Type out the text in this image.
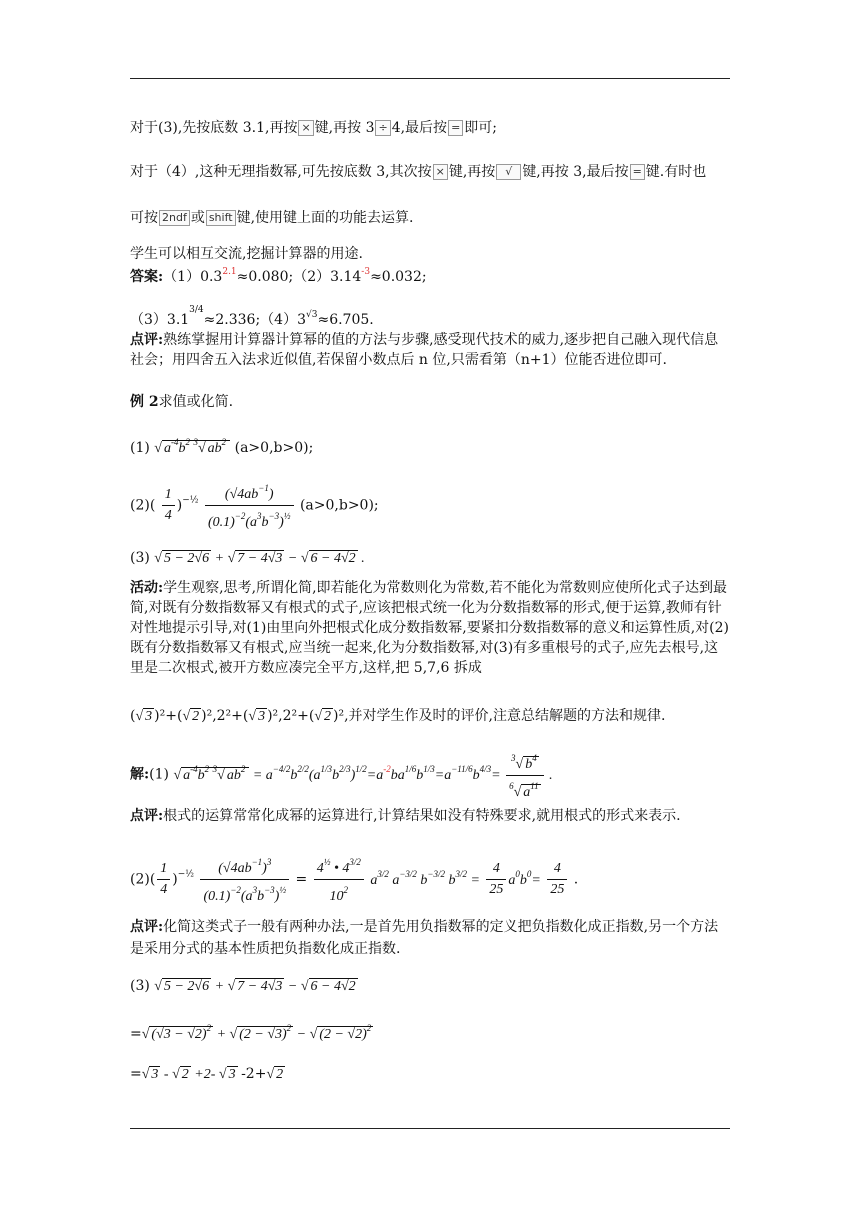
对于(3),先按底数 3.1,再按 × 键,再按 3 ÷ 4,最后按 = 即可;
对于（4）,这种无理指数幂,可先按底数 3,其次按 × 键,再按 √ 键,再按 3,最后按 = 键.有时也
可按 2ndf 或 shift 键,使用键上面的功能去运算.
学生可以相互交流,挖掘计算器的用途.
答案$:(1)0.3^{2.1}\approx 0.080;(2)3.14^{-3}\approx 0.032$;
$(3)3.1^{3/4}\approx 2.336;(4)3^{√3}\approx 6.705$.
点评:熟练掌握用计算器计算幂的值的方法与步骤,感受现代技术的威力,逐步把自己融入现代信息社会；用四舍五入法求近似值,若保留小数点后 n 位,只需看第（n+1）位能否进位即可.
例 2求值或化简.
(1) √ $a^{-4}b^2$ $^3$√ $ab^2$ (a>0,b>0);
$(2)( \frac{1}{4} )^{-\frac{1}{2}} \frac{(√4ab^{-1})}{(0.1)^{-2}(a^3b^{-3})^{\frac{1}{2}}} (a>0,b>0)$;
(3) √ 5 − 2√6 + √ 7 − 4√3 − √ 6 − 4√2 .
活动:学生观察,思考,所谓化简,即若能化为常数则化为常数,若不能化为常数则应使所化式子达到最简,对既有分数指数幂又有根式的式子,应该把根式统一化为分数指数幂的形式,便于运算,教师有针对性地提示引导,对(1)由里向外把根式化成分数指数幂,要紧扣分数指数幂的意义和运算性质,对(2)既有分数指数幂又有根式,应当统一起来,化为分数指数幂,对(3)有多重根号的式子,应先去根号,这里是二次根式,被开方数应凑完全平方,这样,把 5,7,6 拆成
(√ 3 )²+(√ 2 )²,2²+(√ 3 )²,2²+(√ 2 )²,并对学生作及时的评价,注意总结解题的方法和规律.
解:(1) √ $a^{-4}b^2$ $^3$√ $ab^2 = a^{-4/2}b^{2/2}(a^{1/3}b^{2/3})^{1/2}=a^{-2}ba^{1/6}b^{1/3}=a^{-11/6}b^{4/3}= \frac{^3√ b^4}{^6√ a^{11}}$ .
点评:根式的运算常常化成幂的运算进行,计算结果如没有特殊要求,就用根式的形式来表示.
$(2)( \frac{1}{4} )^{-\frac{1}{2}} \frac{(√4ab^{-1})^3}{(0.1)^{-2}(a^3b^{-3})^{\frac{1}{2}}} = \frac{4^{\frac{1}{2}} • 4^{3/2}}{10^2} a^{3/2}$ $a^{-3/2}$ $b^{-3/2}$ $b^{3/2} = \frac{4}{25} a^0b^0= \frac{4}{25}$ .
点评:化简这类式子一般有两种办法,一是首先用负指数幂的定义把负指数化成正指数,另一个方法是采用分式的基本性质把负指数化成正指数.
(3) √ 5 − 2√6 + √ 7 − 4√3 − √ 6 − 4√2
=√ $(√3 - √2)^2$ + √ $(2 - √3)^2$ − √ $(2 - √2)^2$
=√ 3 - √ 2 +2- √ 3 -2+√ 2
